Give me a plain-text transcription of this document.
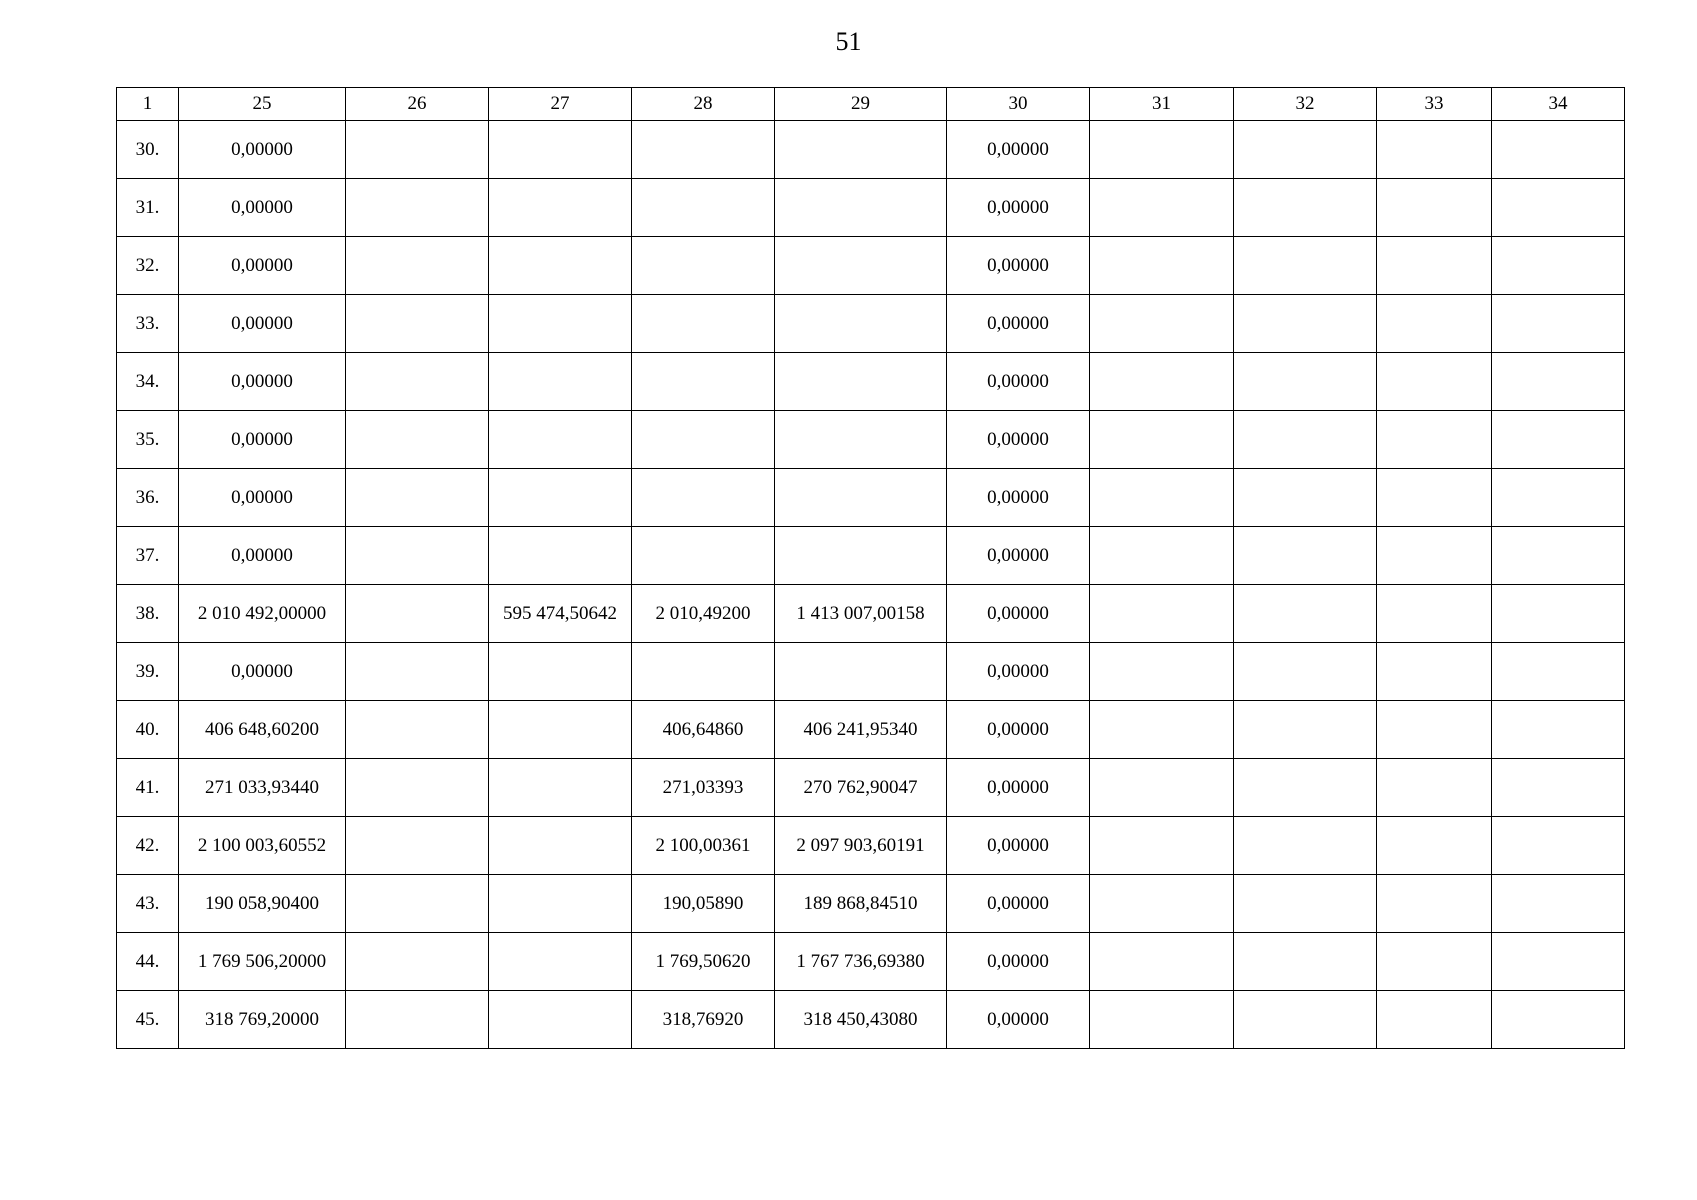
51
1	25	26	27	28	29	30	31	32	33	34
30.	0,00000					0,00000				
31.	0,00000					0,00000				
32.	0,00000					0,00000				
33.	0,00000					0,00000				
34.	0,00000					0,00000				
35.	0,00000					0,00000				
36.	0,00000					0,00000				
37.	0,00000					0,00000				
38.	2 010 492,00000		595 474,50642	2 010,49200	1 413 007,00158	0,00000				
39.	0,00000					0,00000				
40.	406 648,60200			406,64860	406 241,95340	0,00000				
41.	271 033,93440			271,03393	270 762,90047	0,00000				
42.	2 100 003,60552			2 100,00361	2 097 903,60191	0,00000				
43.	190 058,90400			190,05890	189 868,84510	0,00000				
44.	1 769 506,20000			1 769,50620	1 767 736,69380	0,00000				
45.	318 769,20000			318,76920	318 450,43080	0,00000				
